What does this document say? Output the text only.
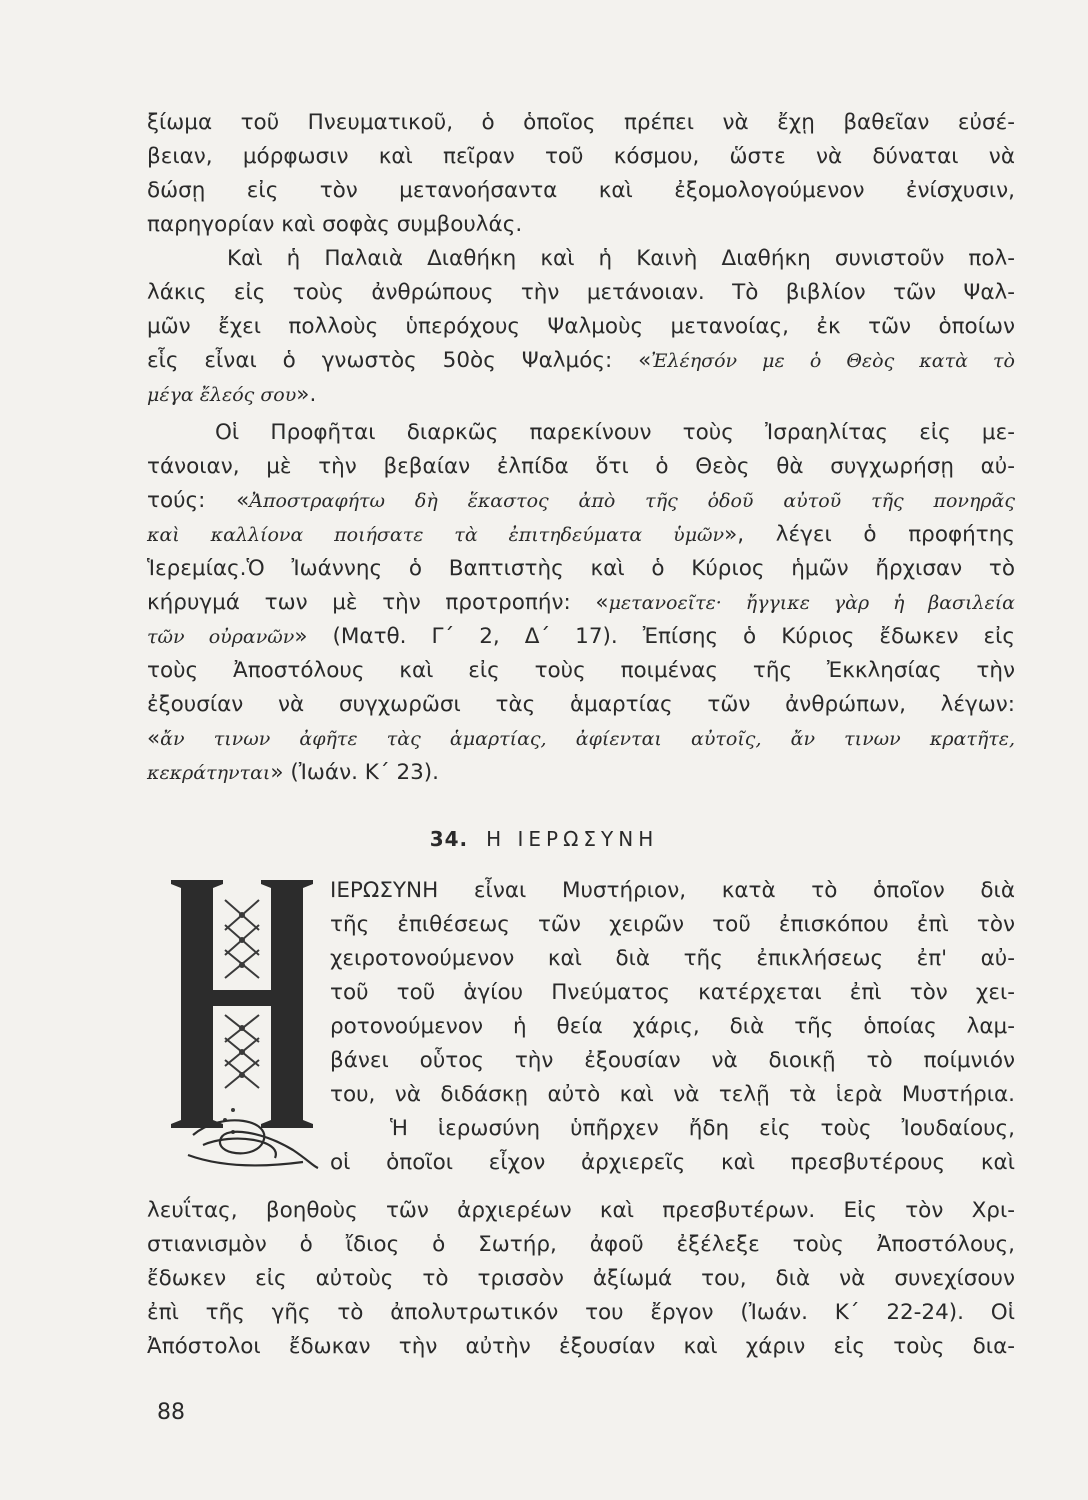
ξίωμα τοῦ Πνευματικοῦ, ὁ ὁποῖος πρέπει νὰ ἔχῃ βαθεῖαν εὐσέ-
βειαν, μόρφωσιν καὶ πεῖραν τοῦ κόσμου, ὥστε νὰ δύναται νὰ
δώσῃ εἰς τὸν μετανοήσαντα καὶ ἐξομολογούμενον ἐνίσχυσιν,
παρηγορίαν καὶ σοφὰς συμβουλάς.
Καὶ ἡ Παλαιὰ Διαθήκη καὶ ἡ Καινὴ Διαθήκη συνιστοῦν πολ-
λάκις εἰς τοὺς ἀνθρώπους τὴν μετάνοιαν. Τὸ βιβλίον τῶν Ψαλ-
μῶν ἔχει πολλοὺς ὑπερόχους Ψαλμοὺς μετανοίας, ἐκ τῶν ὁποίων
εἷς εἶναι ὁ γνωστὸς 50ὸς Ψαλμός: «Ἐλέησόν με ὁ Θεὸς κατὰ τὸ
μέγα ἔλεός σου».
Οἱ Προφῆται διαρκῶς παρεκίνουν τοὺς Ἰσραηλίτας εἰς με-
τάνοιαν, μὲ τὴν βεβαίαν ἐλπίδα ὅτι ὁ Θεὸς θὰ συγχωρήσῃ αὐ-
τούς: «Ἀποστραφήτω δὴ ἕκαστος ἀπὸ τῆς ὁδοῦ αὐτοῦ τῆς πονηρᾶς
καὶ καλλίονα ποιήσατε τὰ ἐπιτηδεύματα ὑμῶν», λέγει ὁ προφήτης
Ἱερεμίας.Ὁ Ἰωάννης ὁ Βαπτιστὴς καὶ ὁ Κύριος ἡμῶν ἤρχισαν τὸ
κήρυγμά των μὲ τὴν προτροπήν: «μετανοεῖτε· ἤγγικε γὰρ ἡ βασιλεία
τῶν οὐρανῶν» (Ματθ. Γ΄ 2, Δ΄ 17). Ἐπίσης ὁ Κύριος ἔδωκεν εἰς
τοὺς Ἀποστόλους καὶ εἰς τοὺς ποιμένας τῆς Ἐκκλησίας τὴν
ἐξουσίαν νὰ συγχωρῶσι τὰς ἁμαρτίας τῶν ἀνθρώπων, λέγων:
«ἄν τινων ἀφῆτε τὰς ἁμαρτίας, ἀφίενται αὐτοῖς, ἄν τινων κρατῆτε,
κεκράτηνται» (Ἰωάν. Κ΄ 23).
34. Η ΙΕΡΩΣΥΝΗ
ΙΕΡΩΣΥΝΗ εἶναι Μυστήριον, κατὰ τὸ ὁποῖον διὰ
τῆς ἐπιθέσεως τῶν χειρῶν τοῦ ἐπισκόπου ἐπὶ τὸν
χειροτονούμενον καὶ διὰ τῆς ἐπικλήσεως ἐπ' αὐ-
τοῦ τοῦ ἁγίου Πνεύματος κατέρχεται ἐπὶ τὸν χει-
ροτονούμενον ἡ θεία χάρις, διὰ τῆς ὁποίας λαμ-
βάνει οὗτος τὴν ἐξουσίαν νὰ διοικῇ τὸ ποίμνιόν
του, νὰ διδάσκῃ αὐτὸ καὶ νὰ τελῇ τὰ ἱερὰ Μυστήρια.
Ἡ ἱερωσύνη ὑπῆρχεν ἤδη εἰς τοὺς Ἰουδαίους,
οἱ ὁποῖοι εἶχον ἀρχιερεῖς καὶ πρεσβυτέρους καὶ
λευΐτας, βοηθοὺς τῶν ἀρχιερέων καὶ πρεσβυτέρων. Εἰς τὸν Χρι-
στιανισμὸν ὁ ἴδιος ὁ Σωτήρ, ἀφοῦ ἐξέλεξε τοὺς Ἀποστόλους,
ἔδωκεν εἰς αὐτοὺς τὸ τρισσὸν ἀξίωμά του, διὰ νὰ συνεχίσουν
ἐπὶ τῆς γῆς τὸ ἀπολυτρωτικόν του ἔργον (Ἰωάν. Κ΄ 22-24). Οἱ
Ἀπόστολοι ἔδωκαν τὴν αὐτὴν ἐξουσίαν καὶ χάριν εἰς τοὺς δια-
88
